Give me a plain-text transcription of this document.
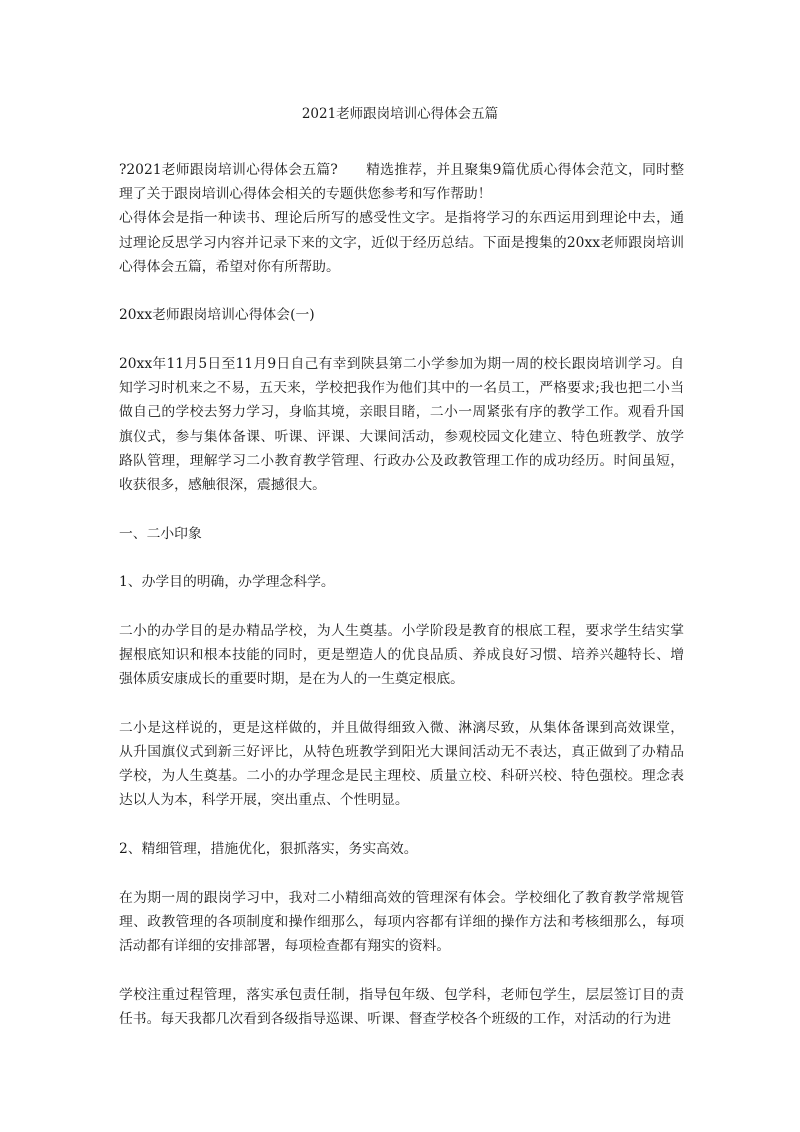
2021老师跟岗培训心得体会五篇

?2021老师跟岗培训心得体会五篇?　　精选推荐，并且聚集9篇优质心得体会范文，同时整理了关于跟岗培训心得体会相关的专题供您参考和写作帮助！

心得体会是指一种读书、理论后所写的感受性文字。是指将学习的东西运用到理论中去，通过理论反思学习内容并记录下来的文字，近似于经历总结。下面是搜集的20xx老师跟岗培训心得体会五篇，希望对你有所帮助。

20xx老师跟岗培训心得体会(一)

20xx年11月5日至11月9日自己有幸到陕县第二小学参加为期一周的校长跟岗培训学习。自知学习时机来之不易，五天来，学校把我作为他们其中的一名员工，严格要求;我也把二小当做自己的学校去努力学习，身临其境，亲眼目睹，二小一周紧张有序的教学工作。观看升国旗仪式，参与集体备课、听课、评课、大课间活动，参观校园文化建立、特色班教学、放学路队管理，理解学习二小教育教学管理、行政办公及政教管理工作的成功经历。时间虽短，收获很多，感触很深，震撼很大。

一、二小印象

1、办学目的明确，办学理念科学。

二小的办学目的是办精品学校，为人生奠基。小学阶段是教育的根底工程，要求学生结实掌握根底知识和根本技能的同时，更是塑造人的优良品质、养成良好习惯、培养兴趣特长、增强体质安康成长的重要时期，是在为人的一生奠定根底。

二小是这样说的，更是这样做的，并且做得细致入微、淋漓尽致，从集体备课到高效课堂，从升国旗仪式到新三好评比，从特色班教学到阳光大课间活动无不表达，真正做到了办精品学校，为人生奠基。二小的办学理念是民主理校、质量立校、科研兴校、特色强校。理念表达以人为本，科学开展，突出重点、个性明显。

2、精细管理，措施优化，狠抓落实，务实高效。

在为期一周的跟岗学习中，我对二小精细高效的管理深有体会。学校细化了教育教学常规管理、政教管理的各项制度和操作细那么，每项内容都有详细的操作方法和考核细那么，每项活动都有详细的安排部署，每项检查都有翔实的资料。

学校注重过程管理，落实承包责任制，指导包年级、包学科，老师包学生，层层签订目的责任书。每天我都几次看到各级指导巡课、听课、督查学校各个班级的工作，对活动的行为进
